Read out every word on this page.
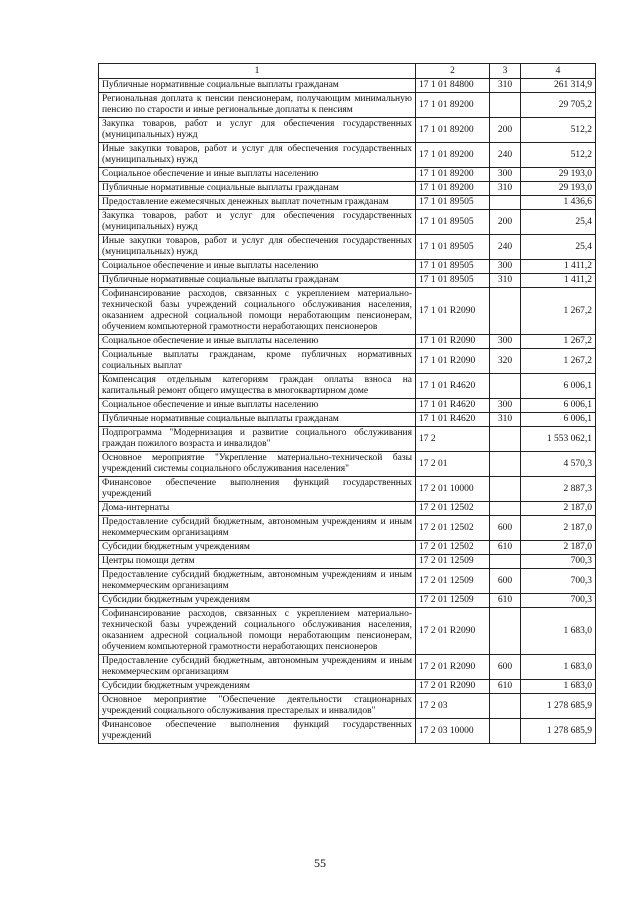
1	2	3	4
Публичные нормативные социальные выплаты гражданам	17 1 01 84800	310	261 314,9
Региональная доплата к пенсии пенсионерам, получающим минимальную пенсию по старости и иные региональные доплаты к пенсиям	17 1 01 89200		29 705,2
Закупка товаров, работ и услуг для обеспечения государственных (муниципальных) нужд	17 1 01 89200	200	512,2
Иные закупки товаров, работ и услуг для обеспечения государственных (муниципальных) нужд	17 1 01 89200	240	512,2
Социальное обеспечение и иные выплаты населению	17 1 01 89200	300	29 193,0
Публичные нормативные социальные выплаты гражданам	17 1 01 89200	310	29 193,0
Предоставление ежемесячных денежных выплат почетным гражданам	17 1 01 89505		1 436,6
Закупка товаров, работ и услуг для обеспечения государственных (муниципальных) нужд	17 1 01 89505	200	25,4
Иные закупки товаров, работ и услуг для обеспечения государственных (муниципальных) нужд	17 1 01 89505	240	25,4
Социальное обеспечение и иные выплаты населению	17 1 01 89505	300	1 411,2
Публичные нормативные социальные выплаты гражданам	17 1 01 89505	310	1 411,2
Софинансирование расходов, связанных с укреплением материально-технической базы учреждений социального обслуживания населения, оказанием адресной социальной помощи неработающим пенсионерам, обучением компьютерной грамотности неработающих пенсионеров	17 1 01 R2090		1 267,2
Социальное обеспечение и иные выплаты населению	17 1 01 R2090	300	1 267,2
Социальные выплаты гражданам, кроме публичных нормативных социальных выплат	17 1 01 R2090	320	1 267,2
Компенсация отдельным категориям граждан оплаты взноса на капитальный ремонт общего имущества в многоквартирном доме	17 1 01 R4620		6 006,1
Социальное обеспечение и иные выплаты населению	17 1 01 R4620	300	6 006,1
Публичные нормативные социальные выплаты гражданам	17 1 01 R4620	310	6 006,1
Подпрограмма "Модернизация и развитие социального обслуживания граждан пожилого возраста и инвалидов"	17 2		1 553 062,1
Основное мероприятие "Укрепление материально-технической базы учреждений системы социального обслуживания населения"	17 2 01		4 570,3
Финансовое обеспечение выполнения функций государственных учреждений	17 2 01 10000		2 887,3
Дома-интернаты	17 2 01 12502		2 187,0
Предоставление субсидий бюджетным, автономным учреждениям и иным некоммерческим организациям	17 2 01 12502	600	2 187,0
Субсидии бюджетным учреждениям	17 2 01 12502	610	2 187,0
Центры помощи детям	17 2 01 12509		700,3
Предоставление субсидий бюджетным, автономным учреждениям и иным некоммерческим организациям	17 2 01 12509	600	700,3
Субсидии бюджетным учреждениям	17 2 01 12509	610	700,3
Софинансирование расходов, связанных с укреплением материально-технической базы учреждений социального обслуживания населения, оказанием адресной социальной помощи неработающим пенсионерам, обучением компьютерной грамотности неработающих пенсионеров	17 2 01 R2090		1 683,0
Предоставление субсидий бюджетным, автономным учреждениям и иным некоммерческим организациям	17 2 01 R2090	600	1 683,0
Субсидии бюджетным учреждениям	17 2 01 R2090	610	1 683,0
Основное мероприятие "Обеспечение деятельности стационарных учреждений социального обслуживания престарелых и инвалидов"	17 2 03		1 278 685,9
Финансовое обеспечение выполнения функций государственных учреждений	17 2 03 10000		1 278 685,9
55
